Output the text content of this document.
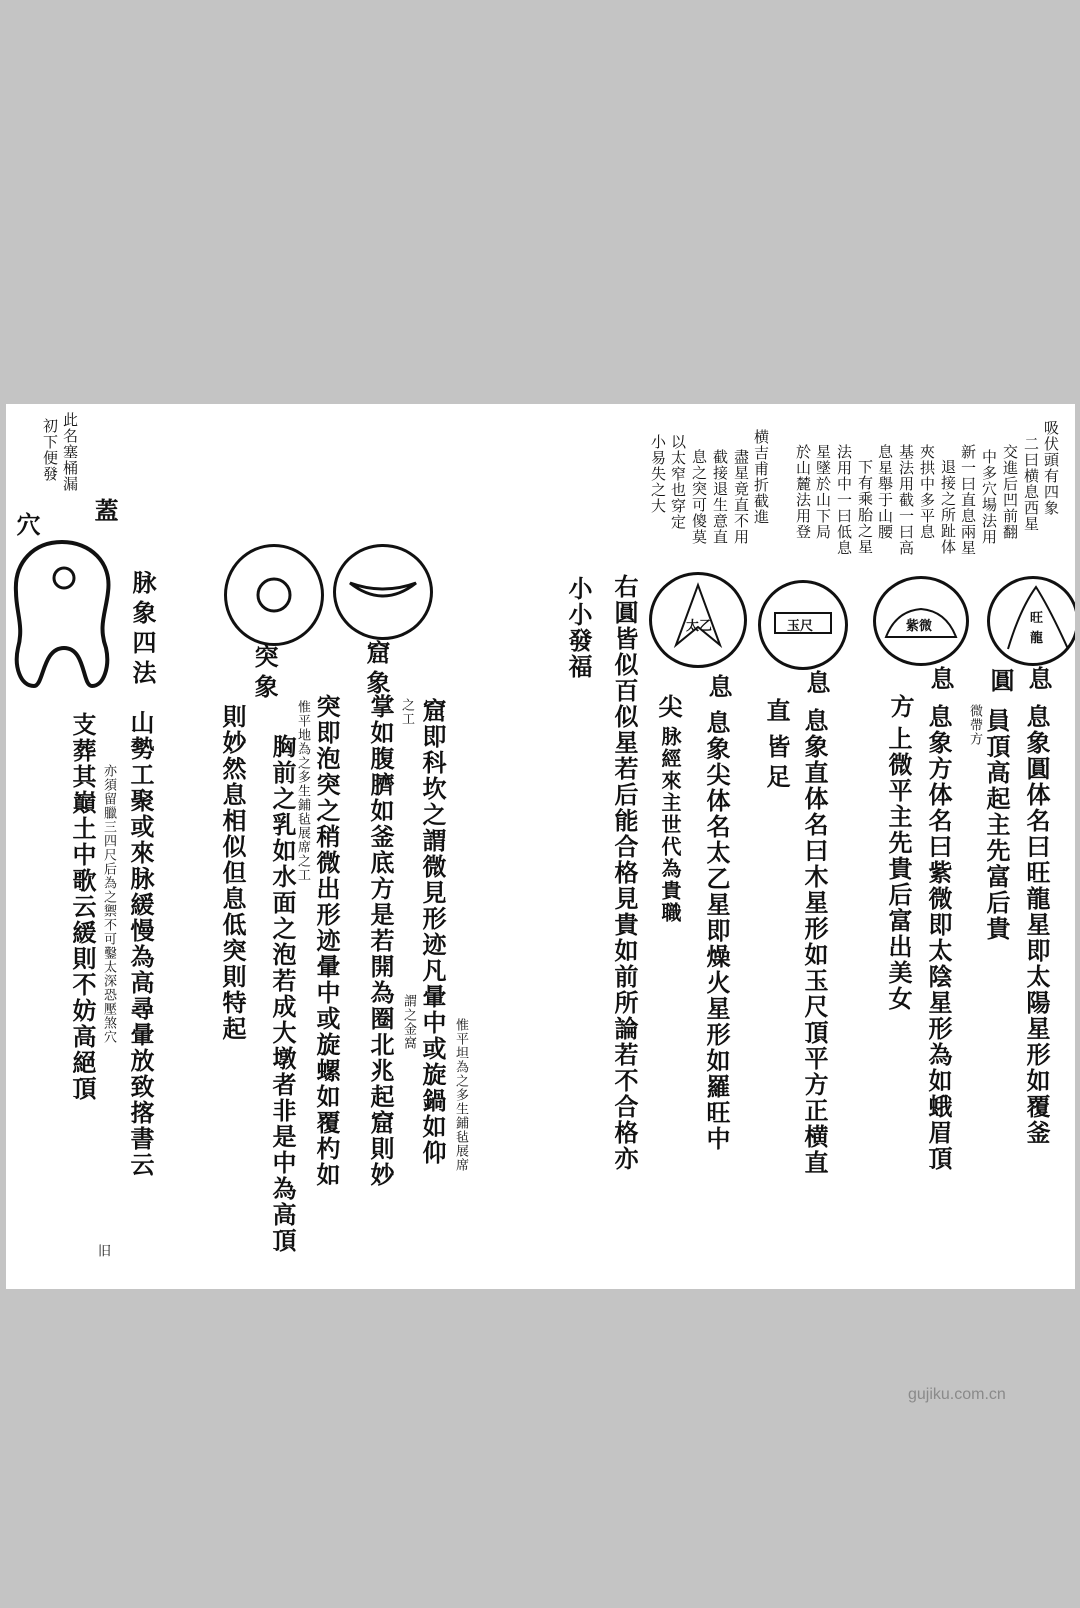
吸伏頭有四象
二曰横息西星
交進后凹前翻
中多穴場法用
新一曰直息兩星
退接之所趾体
夾拱中多平息
基法用截一曰高
息星舉于山腰
下有乘胎之星
法用中一曰低息
星墜於山下局
於山麓法用登
横吉甫折截進
盡星竟直不用
截接退生意直
息之突可傻莫
以太窄也穿定
小易失之大
旺
龍
紫微
玉尺
太乙
息
圓
息
方
息
直
皆足
息
尖	息象圓体名曰旺龍星即太陽星形如覆釜
員頂高起主先富后貴
微帶方
息象方体名曰紫微即太陰星形為如蛾眉頂
上微平主先貴后富出美女
息象直体名曰木星形如玉尺頂平方正横直
息象尖体名太乙星即燥火星形如羅旺中
脉經來主世代為貴職
右圓皆似百似星若后能合格見貴如前所論若不合格亦
小小發福
此名塞桶漏
初下便發
蓋
穴
窟象
突象
脉象四法
惟平坦為之多生鋪毡展席
窟即科坎之謂微見形迹凡暈中或旋鍋如仰
謂之金窩
之工
掌如腹臍如釜底方是若開為圈北兆起窟則妙
突即泡突之稍微出形迹暈中或旋螺如覆杓如
惟平地為之多生鋪毡展席之工
胸前之乳如水面之泡若成大墩者非是中為高頂
則妙然息相似但息低突則特起
山勢工聚或來脉緩慢為高尋暈放致揢書云
亦須留臘三四尺后為之禦不可鑿太深恐壓煞穴
支葬其巔土中歌云緩則不妨高絕頂
旧
gujiku.com.cn
